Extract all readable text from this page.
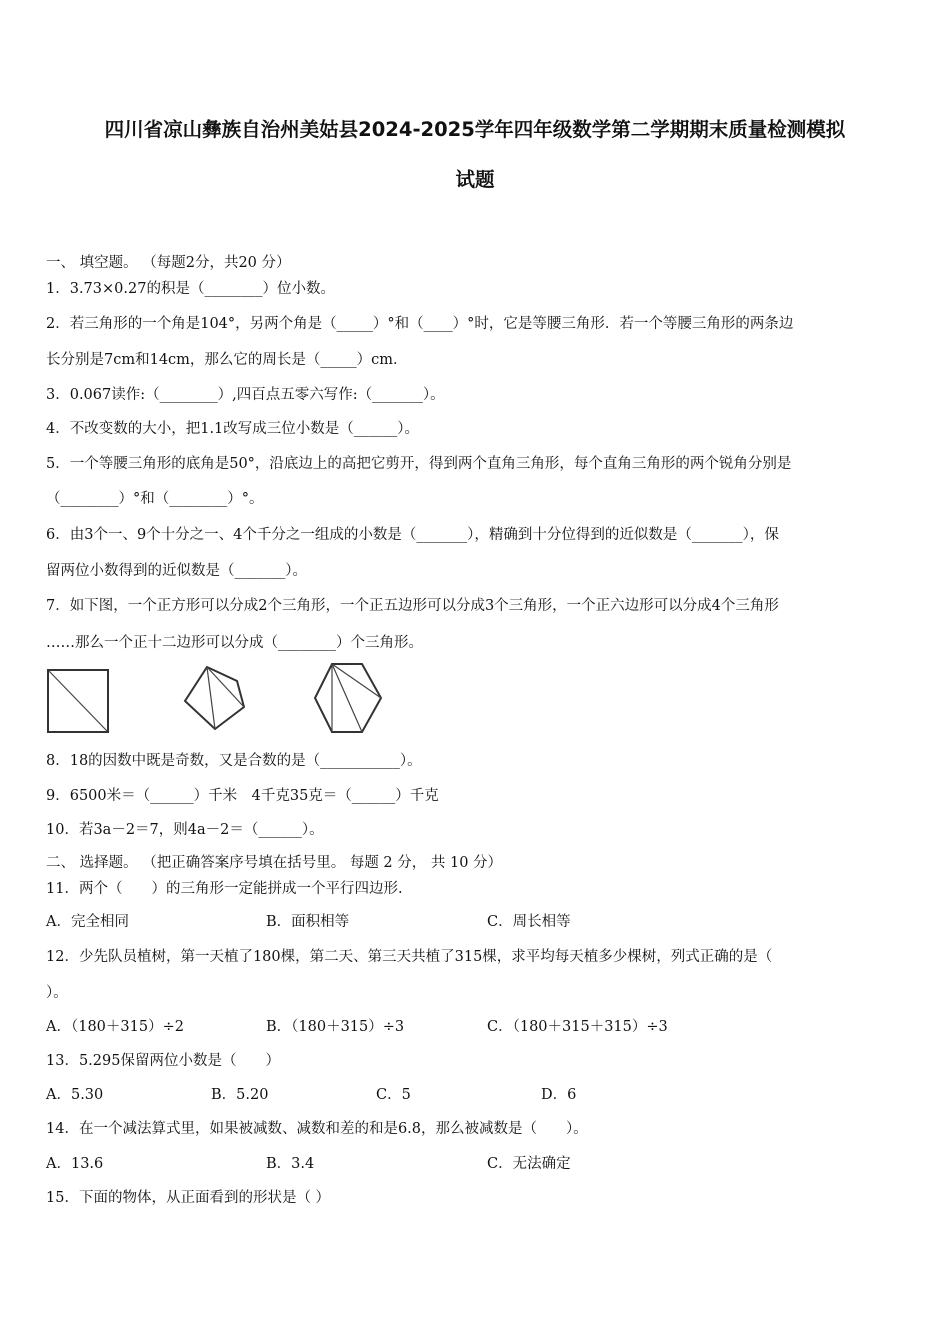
四川省凉山彝族自治州美姑县2024-2025学年四年级数学第二学期期末质量检测模拟
试题
一、 填空题。 （每题2分，共20 分）
1．3.73×0.27的积是（________）位小数。
2．若三角形的一个角是104°，另两个角是（_____）°和（____）°时，它是等腰三角形．若一个等腰三角形的两条边
长分别是7cm和14cm，那么它的周长是（_____）cm．
3．0.067读作:（________）,四百点五零六写作:（_______）。
4．不改变数的大小，把1.1改写成三位小数是（______）。
5．一个等腰三角形的底角是50°，沿底边上的高把它剪开，得到两个直角三角形，每个直角三角形的两个锐角分别是
（________）°和（________）°。
6．由3个一、9个十分之一、4个千分之一组成的小数是（_______），精确到十分位得到的近似数是（_______），保
留两位小数得到的近似数是（_______）。
7．如下图，一个正方形可以分成2个三角形，一个正五边形可以分成3个三角形，一个正六边形可以分成4个三角形
……那么一个正十二边形可以分成（________）个三角形。
8．18的因数中既是奇数，又是合数的是（___________）。
9．6500米＝（______）千米　4千克35克＝（______）千克
10．若3a－2＝7，则4a－2＝（______）。
二、 选择题。 （把正确答案序号填在括号里。 每题 2 分， 共 10 分）
11．两个（　　）的三角形一定能拼成一个平行四边形.
A．完全相同	B．面积相等	C．周长相等
12．少先队员植树，第一天植了180棵，第二天、第三天共植了315棵，求平均每天植多少棵树，列式正确的是（
）。
A．（180＋315）÷2	B．（180＋315）÷3	C．（180＋315＋315）÷3
13．5.295保留两位小数是（　　）
A．5.30	B．5.20	C．5	D．6
14．在一个减法算式里，如果被减数、减数和差的和是6.8，那么被减数是（　　）。
A．13.6	B．3.4	C．无法确定
15．下面的物体，从正面看到的形状是（ ）
